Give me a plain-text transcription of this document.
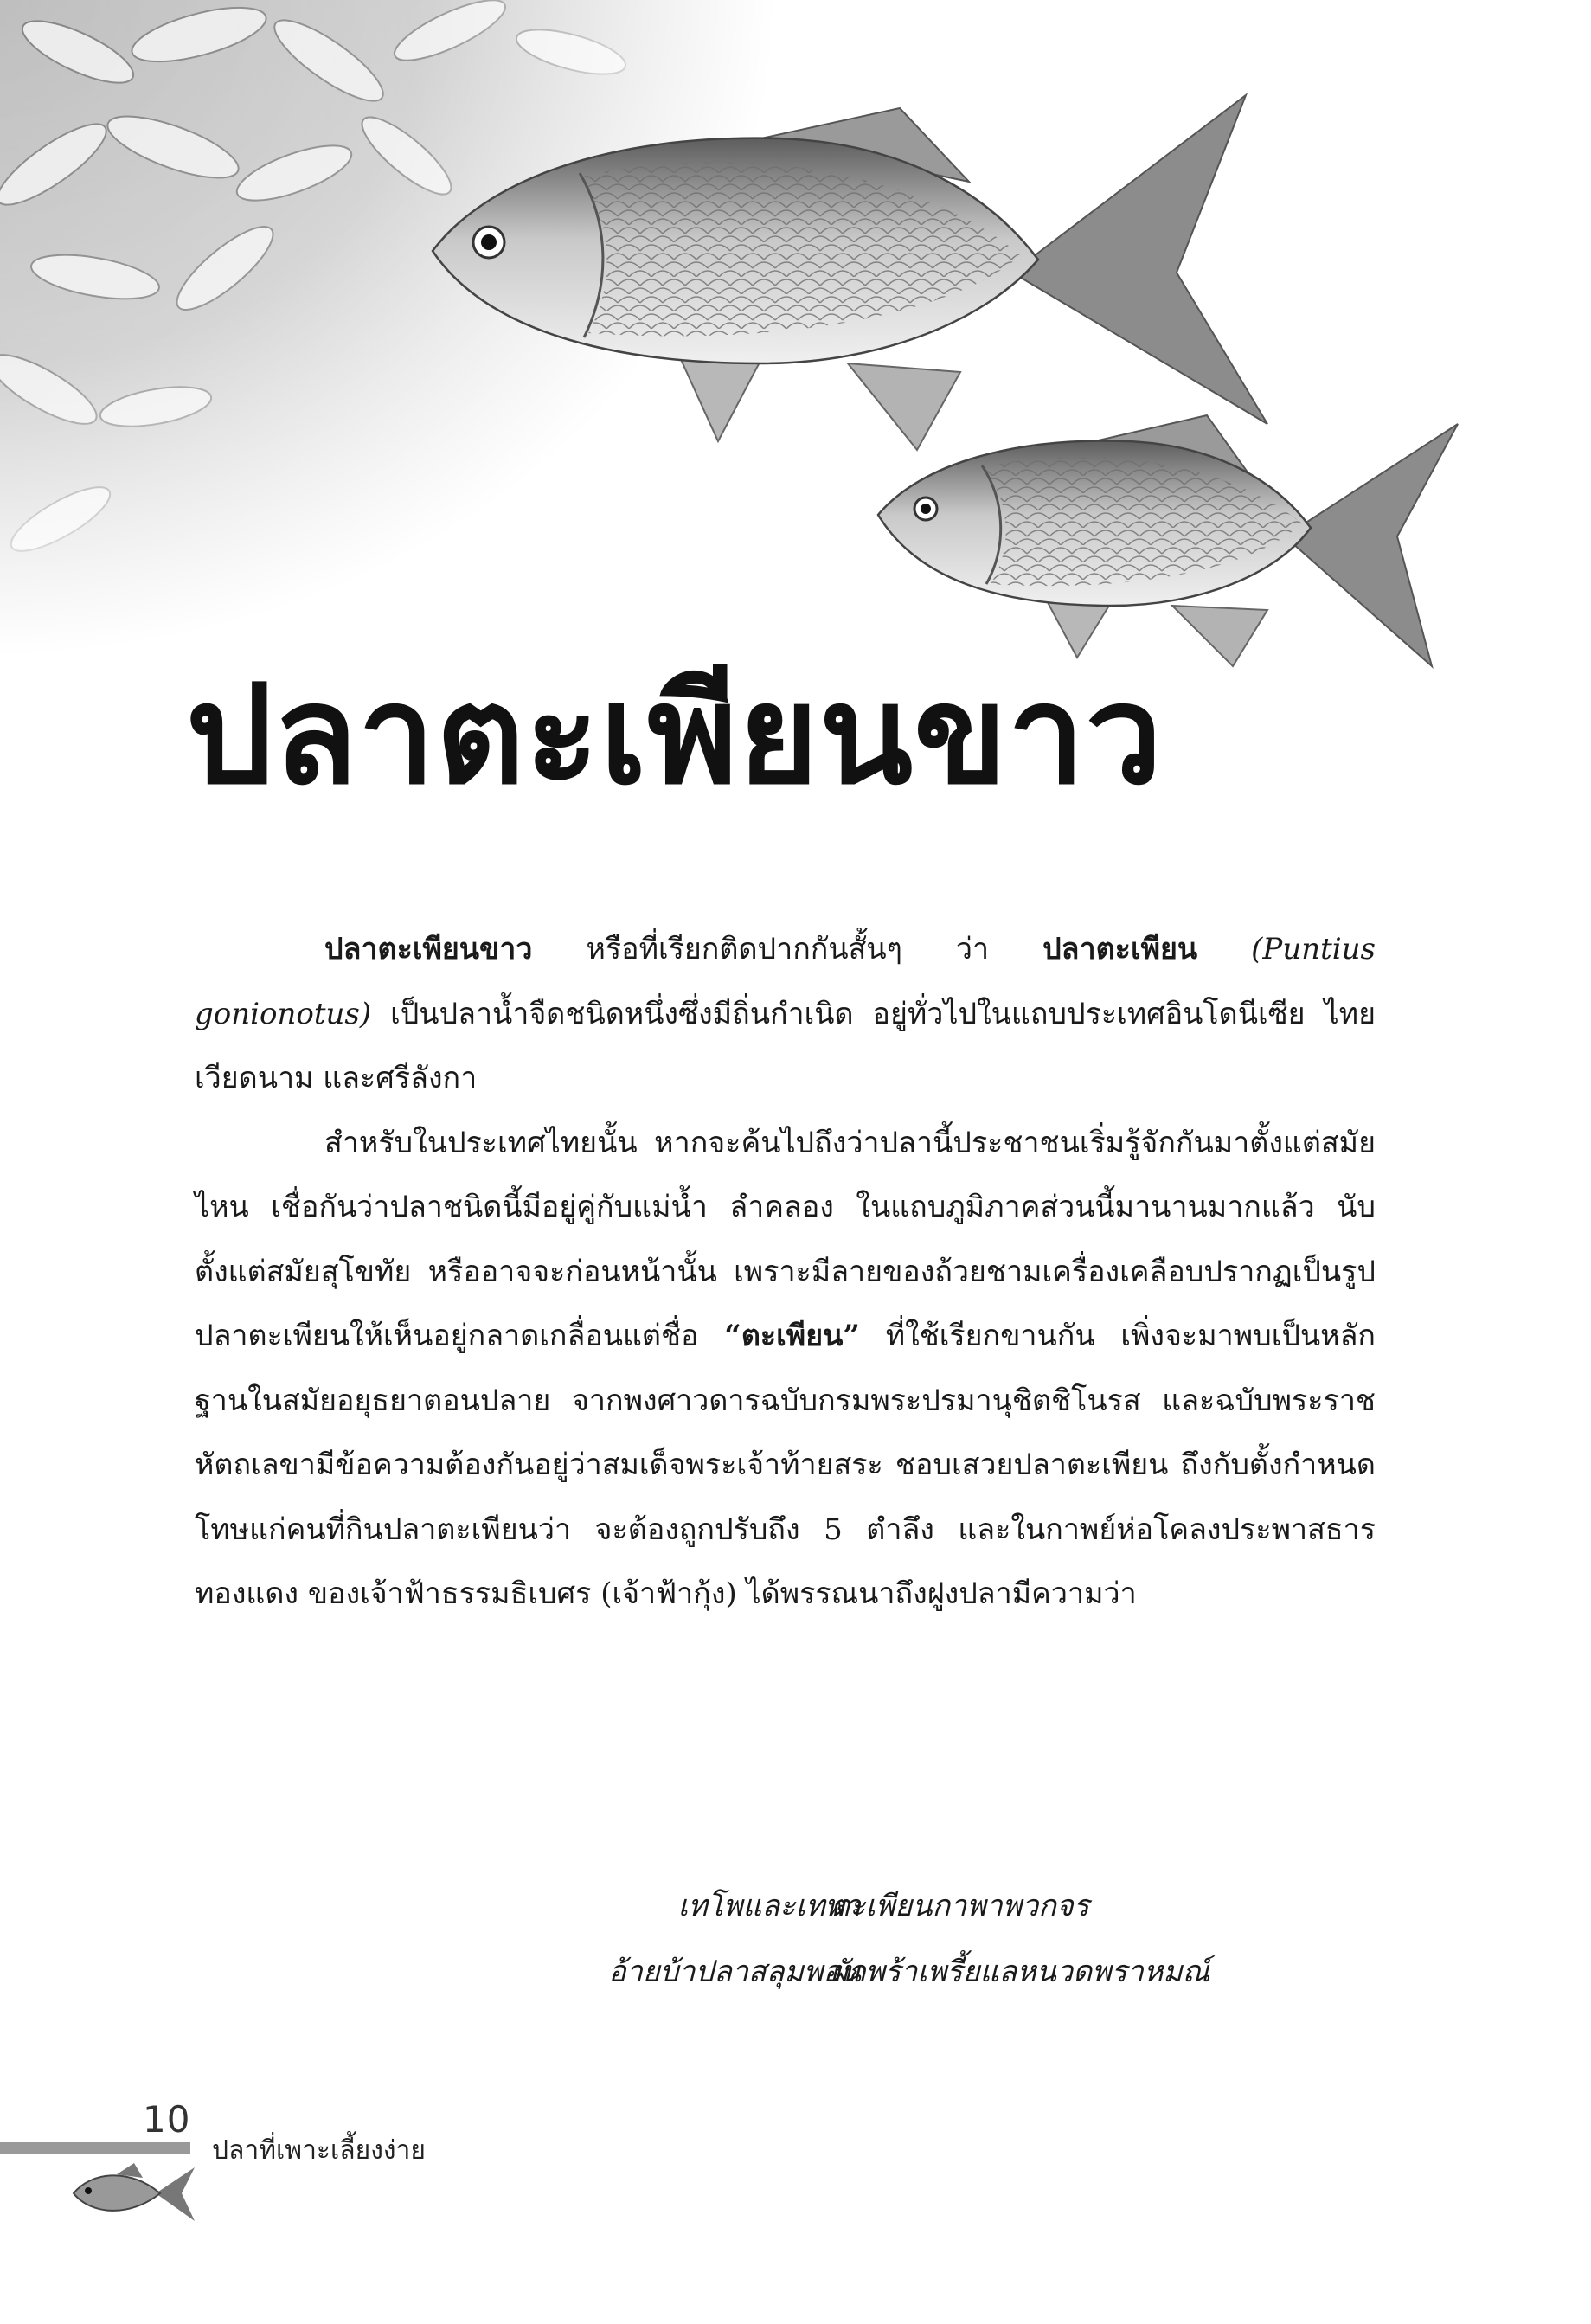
ปลาตะเพียนขาว

ปลาตะเพียนขาว หรือที่เรียกติดปากกันสั้นๆ ว่า ปลาตะเพียน (Puntius gonionotus) เป็นปลาน้ำจืดชนิดหนึ่งซึ่งมีถิ่นกำเนิด อยู่ทั่วไปในแถบประเทศอินโดนีเซีย ไทย เวียดนาม และศรีลังกา

สำหรับในประเทศไทยนั้น หากจะค้นไปถึงว่าปลานี้ประชาชนเริ่มรู้จักกันมาตั้งแต่สมัยไหน เชื่อกันว่าปลาชนิดนี้มีอยู่คู่กับแม่น้ำ ลำคลอง ในแถบภูมิภาคส่วนนี้มานานมากแล้ว นับตั้งแต่สมัยสุโขทัย หรืออาจจะก่อนหน้านั้น เพราะมีลายของถ้วยชามเครื่องเคลือบปรากฏเป็นรูปปลาตะเพียนให้เห็นอยู่กลาดเกลื่อนแต่ชื่อ “ตะเพียน” ที่ใช้เรียกขานกัน เพิ่งจะมาพบเป็นหลักฐานในสมัยอยุธยาตอนปลาย จากพงศาวดารฉบับกรมพระปรมานุชิตชิโนรส และฉบับพระราชหัตถเลขามีข้อความต้องกันอยู่ว่าสมเด็จพระเจ้าท้ายสระ ชอบเสวยปลาตะเพียน ถึงกับตั้งกำหนดโทษแก่คนที่กินปลาตะเพียนว่า จะต้องถูกปรับถึง 5 ตำลึง และในกาพย์ห่อโคลงประพาสธารทองแดง ของเจ้าฟ้าธรรมธิเบศร (เจ้าฟ้ากุ้ง) ได้พรรณนาถึงฝูงปลามีความว่า

เทโพและเทพา
ตะเพียนกาพาพวกจร
อ้ายบ้าปลาสลุมพอน
ผักพร้าเพรี้ยแลหนวดพราหมณ์
10
ปลาที่เพาะเลี้ยงง่าย
